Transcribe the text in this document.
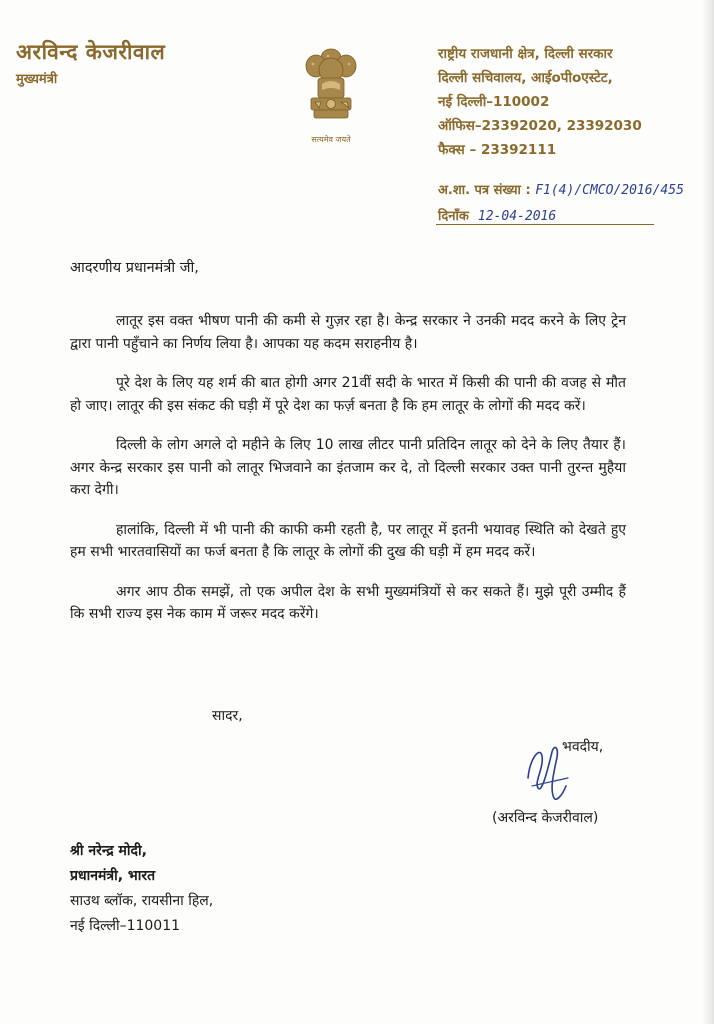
अरविन्द केजरीवाल
मुख्यमंत्री
सत्यमेव जयते
राष्ट्रीय राजधानी क्षेत्र, दिल्ली सरकार
दिल्ली सचिवालय, आईoपीoएस्टेट,
नई दिल्ली–110002
ऑफिस–23392020, 23392030
फैक्स – 23392111
अ.शा. पत्र संख्या : F1(4)/CMCO/2016/455
दिनाँक 12-04-2016
आदरणीय प्रधानमंत्री जी,

लातूर इस वक्त भीषण पानी की कमी से गुज़र रहा है। केन्द्र सरकार ने उनकी मदद करने के लिए ट्रेन द्वारा पानी पहुँचाने का निर्णय लिया है। आपका यह कदम सराहनीय है।

पूरे देश के लिए यह शर्म की बात होगी अगर 21वीं सदी के भारत में किसी की पानी की वजह से मौत हो जाए। लातूर की इस संकट की घड़ी में पूरे देश का फर्ज़ बनता है कि हम लातूर के लोगों की मदद करें।

दिल्ली के लोग अगले दो महीने के लिए 10 लाख लीटर पानी प्रतिदिन लातूर को देने के लिए तैयार हैं। अगर केन्द्र सरकार इस पानी को लातूर भिजवाने का इंतजाम कर दे, तो दिल्ली सरकार उक्त पानी तुरन्त मुहैया करा देगी।

हालांकि, दिल्ली में भी पानी की काफी कमी रहती है, पर लातूर में इतनी भयावह स्थिति को देखते हुए हम सभी भारतवासियों का फर्ज बनता है कि लातूर के लोगों की दुख की घड़ी में हम मदद करें।

अगर आप ठीक समझें, तो एक अपील देश के सभी मुख्यमंत्रियों से कर सकते हैं। मुझे पूरी उम्मीद हैं कि सभी राज्य इस नेक काम में जरूर मदद करेंगे।

सादर,
भवदीय,
(अरविन्द केजरीवाल)
श्री नरेन्द्र मोदी,
प्रधानमंत्री, भारत
साउथ ब्लॉक, रायसीना हिल,
नई दिल्ली–110011
